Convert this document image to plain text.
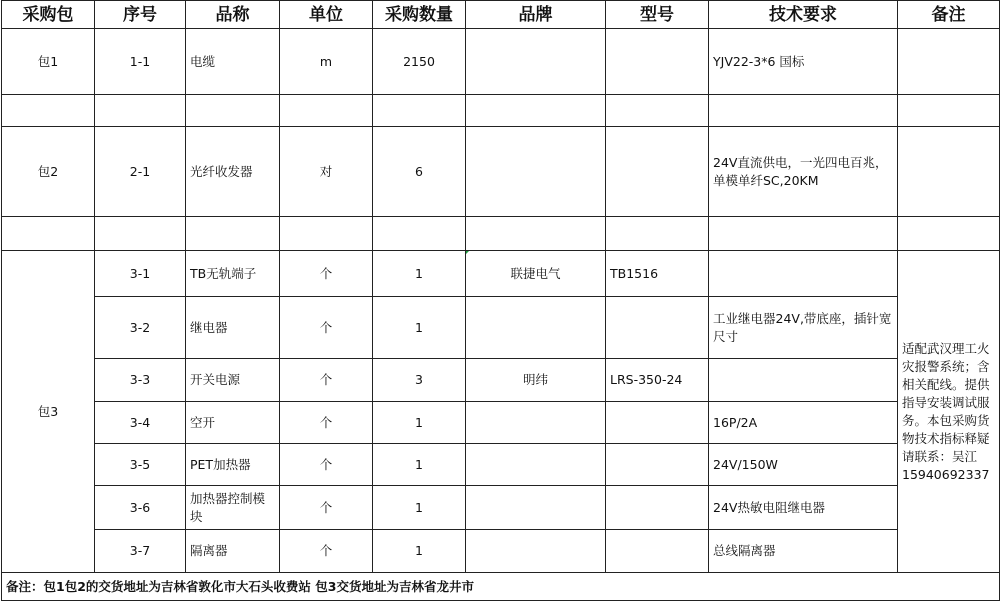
采购包	序号	品称	单位	采购数量	品牌	型号	技术要求	备注
包1	1-1	电缆	m	2150			YJV22-3*6 国标	

包2	2-1	光纤收发器	对	6			24V直流供电，一光四电百兆，单模单纤SC,20KM	

包3	3-1	TB无轨端子	个	1	联捷电气	TB1516		适配武汉理工火灾报警系统；含相关配线。提供指导安装调试服务。本包采购货物技术指标释疑请联系：吴江15940692337
	3-2	继电器	个	1			工业继电器24V,带底座，插针宽尺寸	
	3-3	开关电源	个	3	明纬	LRS-350-24		
	3-4	空开	个	1			16P/2A	
	3-5	PET加热器	个	1			24V/150W	
	3-6	加热器控制模块	个	1			24V热敏电阻继电器	
	3-7	隔离器	个	1			总线隔离器	
备注：包1包2的交货地址为吉林省敦化市大石头收费站 包3交货地址为吉林省龙井市								
